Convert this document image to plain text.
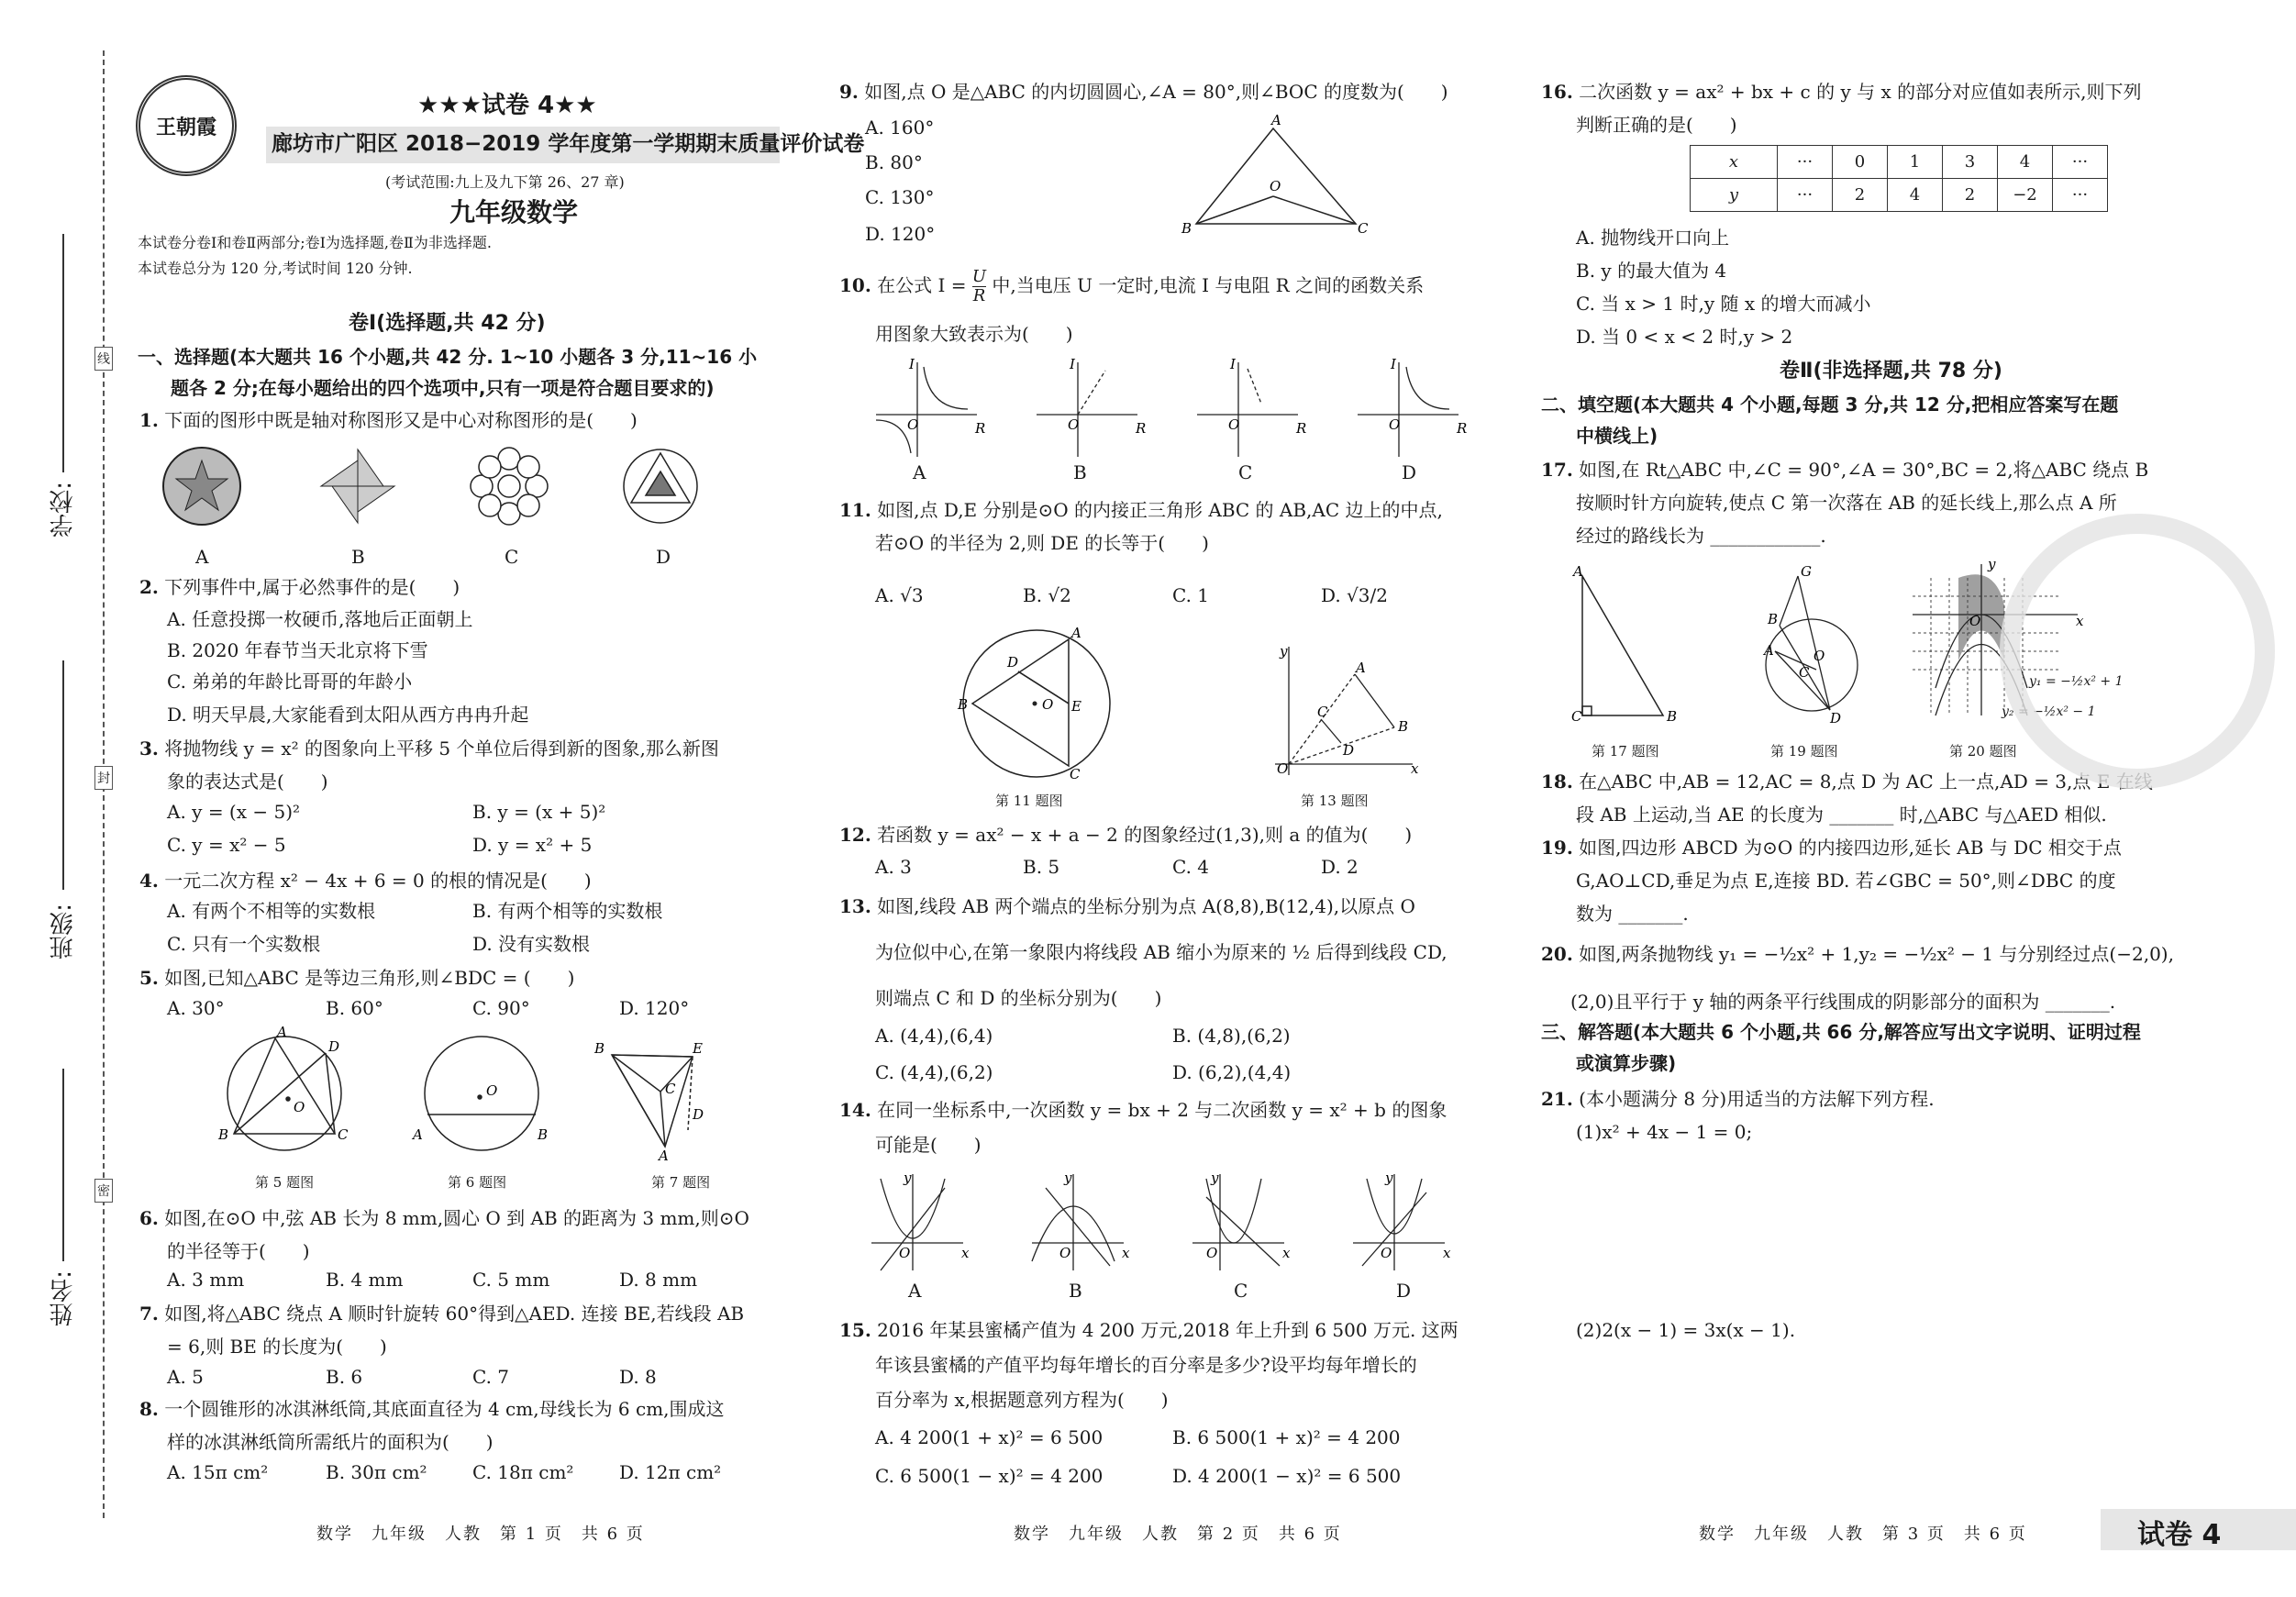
学校:
班级:
姓名:
线
封
密
王朝霞
★★★试卷 4★★
廊坊市广阳区 2018−2019 学年度第一学期期末质量评价试卷
(考试范围:九上及九下第 26、27 章)
九年级数学
本试卷分卷Ⅰ和卷Ⅱ两部分;卷Ⅰ为选择题,卷Ⅱ为非选择题.
本试卷总分为 120 分,考试时间 120 分钟.
卷Ⅰ(选择题,共 42 分)
一、选择题(本大题共 16 个小题,共 42 分. 1~10 小题各 3 分,11~16 小
题各 2 分;在每小题给出的四个选项中,只有一项是符合题目要求的)
1. 下面的图形中既是轴对称图形又是中心对称图形的是(　　)
A	B	C	D
2. 下列事件中,属于必然事件的是(　　)
A. 任意投掷一枚硬币,落地后正面朝上
B. 2020 年春节当天北京将下雪
C. 弟弟的年龄比哥哥的年龄小
D. 明天早晨,大家能看到太阳从西方冉冉升起
3. 将抛物线 y = x² 的图象向上平移 5 个单位后得到新的图象,那么新图
象的表达式是(　　)
A. y = (x − 5)²	B. y = (x + 5)²
C. y = x² − 5	D. y = x² + 5
4. 一元二次方程 x² − 4x + 6 = 0 的根的情况是(　　)
A. 有两个不相等的实数根	B. 有两个相等的实数根
C. 只有一个实数根	D. 没有实数根
5. 如图,已知△ABC 是等边三角形,则∠BDC = (　　)
A. 30°	B. 60°	C. 90°	D. 120°
A
D
B	C
O
O
A	B
B	E
C
D
A
第 5 题图	第 6 题图	第 7 题图
6. 如图,在⊙O 中,弦 AB 长为 8 mm,圆心 O 到 AB 的距离为 3 mm,则⊙O
的半径等于(　　)
A. 3 mm	B. 4 mm	C. 5 mm	D. 8 mm
7. 如图,将△ABC 绕点 A 顺时针旋转 60°得到△AED. 连接 BE,若线段 AB
= 6,则 BE 的长度为(　　)
A. 5	B. 6	C. 7	D. 8
8. 一个圆锥形的冰淇淋纸筒,其底面直径为 4 cm,母线长为 6 cm,围成这
样的冰淇淋纸筒所需纸片的面积为(　　)
A. 15π cm²	B. 30π cm² C. 18π cm² D. 12π cm²
数学　九年级　人教　第 1 页　共 6 页
9. 如图,点 O 是△ABC 的内切圆圆心,∠A = 80°,则∠BOC 的度数为(　　)
A. 160°
B. 80°
C. 130°
D. 120°
A
B	C
O
10. 在公式 $I = \frac{U}{R}$ 中,当电压 U 一定时,电流 I 与电阻 R 之间的函数关系
用图象大致表示为(　　)
I
R
O
I
R
O
I
R
O
I
R
O
A	B	C	D
11. 如图,点 D,E 分别是⊙O 的内接正三角形 ABC 的 AB,AC 边上的中点,
若⊙O 的半径为 2,则 DE 的长等于(　　)
A. √3	B. √2	C. 1	D. √3/2
A
B
C
D
E
O
y
x
O
A
B
C
D
第 11 题图	第 13 题图
12. 若函数 y = ax² − x + a − 2 的图象经过(1,3),则 a 的值为(　　)
A. 3	B. 5	C. 4	D. 2
13. 如图,线段 AB 两个端点的坐标分别为点 A(8,8),B(12,4),以原点 O
为位似中心,在第一象限内将线段 AB 缩小为原来的 ½ 后得到线段 CD,
则端点 C 和 D 的坐标分别为(　　)
A. (4,4),(6,4)	B. (4,8),(6,2)
C. (4,4),(6,2)	D. (6,2),(4,4)
14. 在同一坐标系中,一次函数 y = bx + 2 与二次函数 y = x² + b 的图象
可能是(　　)
y
x
O
y
x
O
y
x
O
y
x
O
A	B	C	D
15. 2016 年某县蜜橘产值为 4 200 万元,2018 年上升到 6 500 万元. 这两
年该县蜜橘的产值平均每年增长的百分率是多少?设平均每年增长的
百分率为 x,根据题意列方程为(　　)
A. 4 200(1 + x)² = 6 500	B. 6 500(1 + x)² = 4 200
C. 6 500(1 − x)² = 4 200	D. 4 200(1 − x)² = 6 500
数学　九年级　人教　第 2 页　共 6 页
16. 二次函数 y = ax² + bx + c 的 y 与 x 的部分对应值如表所示,则下列
判断正确的是(　　)
x	···	0	1	3	4	···
y	···	2	4	2	−2	···
A. 抛物线开口向上
B. y 的最大值为 4
C. 当 x > 1 时,y 随 x 的增大而减小
D. 当 0 < x < 2 时,y > 2
卷Ⅱ(非选择题,共 78 分)
二、填空题(本大题共 4 个小题,每题 3 分,共 12 分,把相应答案写在题
中横线上)
17. 如图,在 Rt△ABC 中,∠C = 90°,∠A = 30°,BC = 2,将△ABC 绕点 B
按顺时针方向旋转,使点 C 第一次落在 AB 的延长线上,那么点 A 所
经过的路线长为 ____________.
A
C	B
G
B
A	O
C
D
y
x
O
y₁ = −½x² + 1
y₂ = −½x² − 1
第 17 题图	第 19 题图	第 20 题图
18. 在△ABC 中,AB = 12,AC = 8,点 D 为 AC 上一点,AD = 3,点 E 在线
段 AB 上运动,当 AE 的长度为 _______ 时,△ABC 与△AED 相似.
19. 如图,四边形 ABCD 为⊙O 的内接四边形,延长 AB 与 DC 相交于点
G,AO⊥CD,垂足为点 E,连接 BD. 若∠GBC = 50°,则∠DBC 的度
数为 _______.
20. 如图,两条抛物线 y₁ = −½x² + 1,y₂ = −½x² − 1 与分别经过点(−2,0),
(2,0)且平行于 y 轴的两条平行线围成的阴影部分的面积为 _______.
三、解答题(本大题共 6 个小题,共 66 分,解答应写出文字说明、证明过程
或演算步骤)
21. (本小题满分 8 分)用适当的方法解下列方程.
(1)x² + 4x − 1 = 0;
(2)2(x − 1) = 3x(x − 1).
数学　九年级　人教　第 3 页　共 6 页	试卷 4
